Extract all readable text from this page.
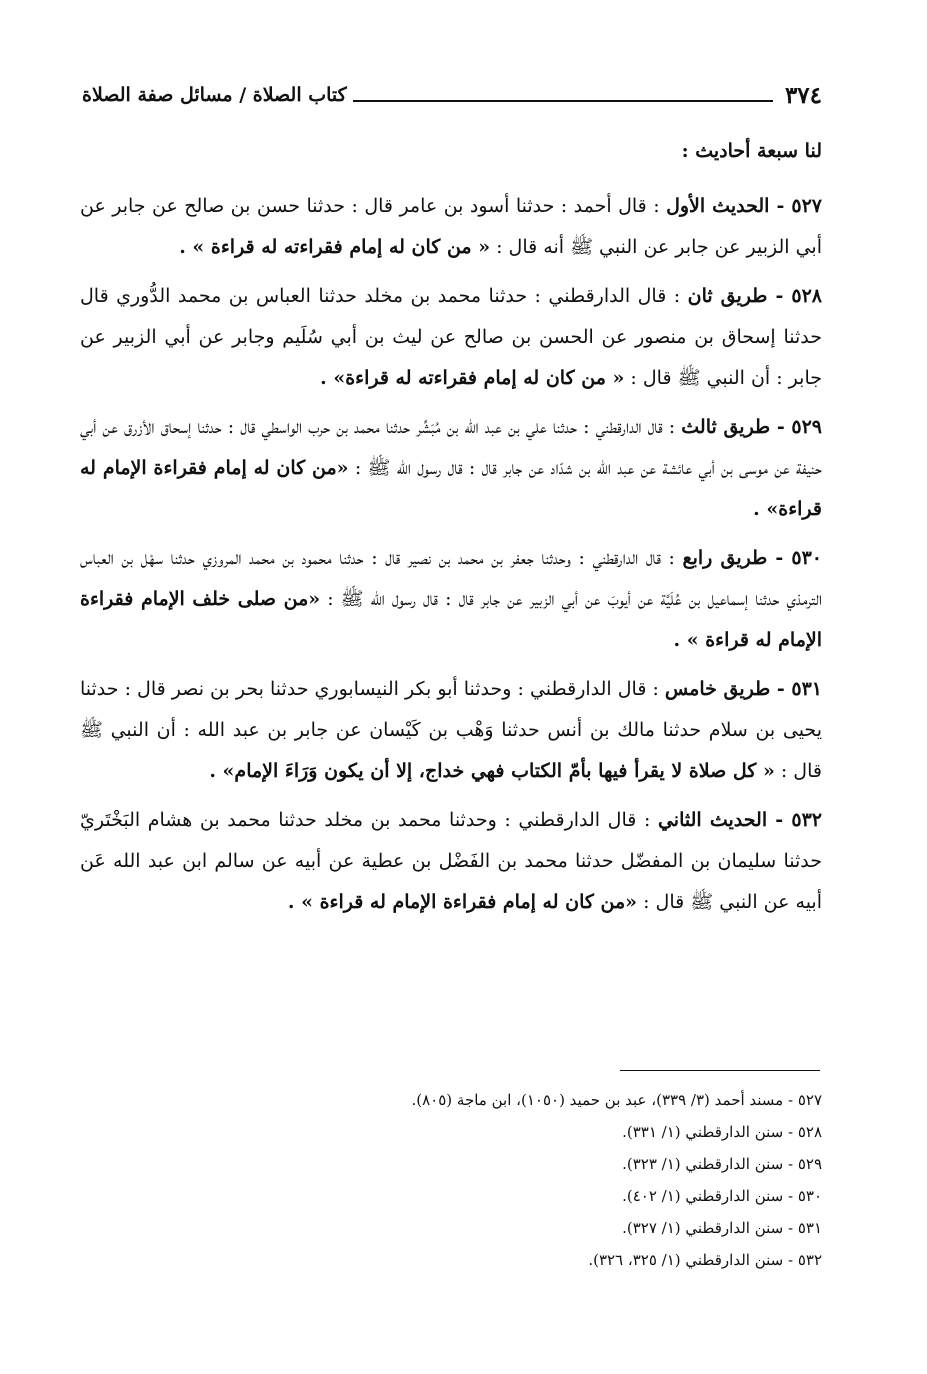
٣٧٤
كتاب الصلاة / مسائل صفة الصلاة
لنا سبعة أحاديث :

٥٢٧ - الحديث الأول : قال أحمد : حدثنا أسود بن عامر قال : حدثنا حسن بن صالح عن جابر عن أبي الزبير عن جابر عن النبي ﷺ أنه قال : « من كان له إمام فقراءته له قراءة » .

٥٢٨ - طريق ثان : قال الدارقطني : حدثنا محمد بن مخلد حدثنا العباس بن محمد الدُّوري قال حدثنا إسحاق بن منصور عن الحسن بن صالح عن ليث بن أبي سُلَيم وجابر عن أبي الزبير عن جابر : أن النبي ﷺ قال : « من كان له إمام فقراءته له قراءة» .

٥٢٩ - طريق ثالث : قال الدارقطني : حدثنا علي بن عبد الله بن مُبَشِّر حدثنا محمد بن حرب الواسطي قال : حدثنا إسحاق الأزرق عن أبي حنيفة عن موسى بن أبي عائشة عن عبد الله بن شدّاد عن جابر قال : قال رسول الله ﷺ : «من كان له إمام فقراءة الإمام له قراءة» .

٥٣٠ - طريق رابع : قال الدارقطني : وحدثنا جعفر بن محمد بن نصير قال : حدثنا محمود بن محمد المروزي حدثنا سهْل بن العباس الترمذي حدثنا إسماعيل بن عُلَيَّة عن أيوبَ عن أبي الزبير عن جابر قال : قال رسول الله ﷺ : «من صلى خلف الإمام فقراءة الإمام له قراءة » .

٥٣١ - طريق خامس : قال الدارقطني : وحدثنا أبو بكر النيسابوري حدثنا بحر بن نصر قال : حدثنا يحيى بن سلام حدثنا مالك بن أنس حدثنا وَهْب بن كَيْسان عن جابر بن عبد الله : أن النبي ﷺ قال : « كل صلاة لا يقرأ فيها بأمّ الكتاب فهي خداج، إلا أن يكون وَرَاءَ الإمام» .

٥٣٢ - الحديث الثاني : قال الدارقطني : وحدثنا محمد بن مخلد حدثنا محمد بن هشام البَخْتَريّ حدثنا سليمان بن المفضّل حدثنا محمد بن الفَضْل بن عطية عن أبيه عن سالم ابن عبد الله عَن أبيه عن النبي ﷺ قال : «من كان له إمام فقراءة الإمام له قراءة » .

٥٢٧ - مسند أحمد (٣/ ٣٣٩)، عبد بن حميد (١٠٥٠)، ابن ماجة (٨٠٥).
٥٢٨ - سنن الدارقطني (١/ ٣٣١).
٥٢٩ - سنن الدارقطني (١/ ٣٢٣).
٥٣٠ - سنن الدارقطني (١/ ٤٠٢).
٥٣١ - سنن الدارقطني (١/ ٣٢٧).
٥٣٢ - سنن الدارقطني (١/ ٣٢٥، ٣٢٦).
